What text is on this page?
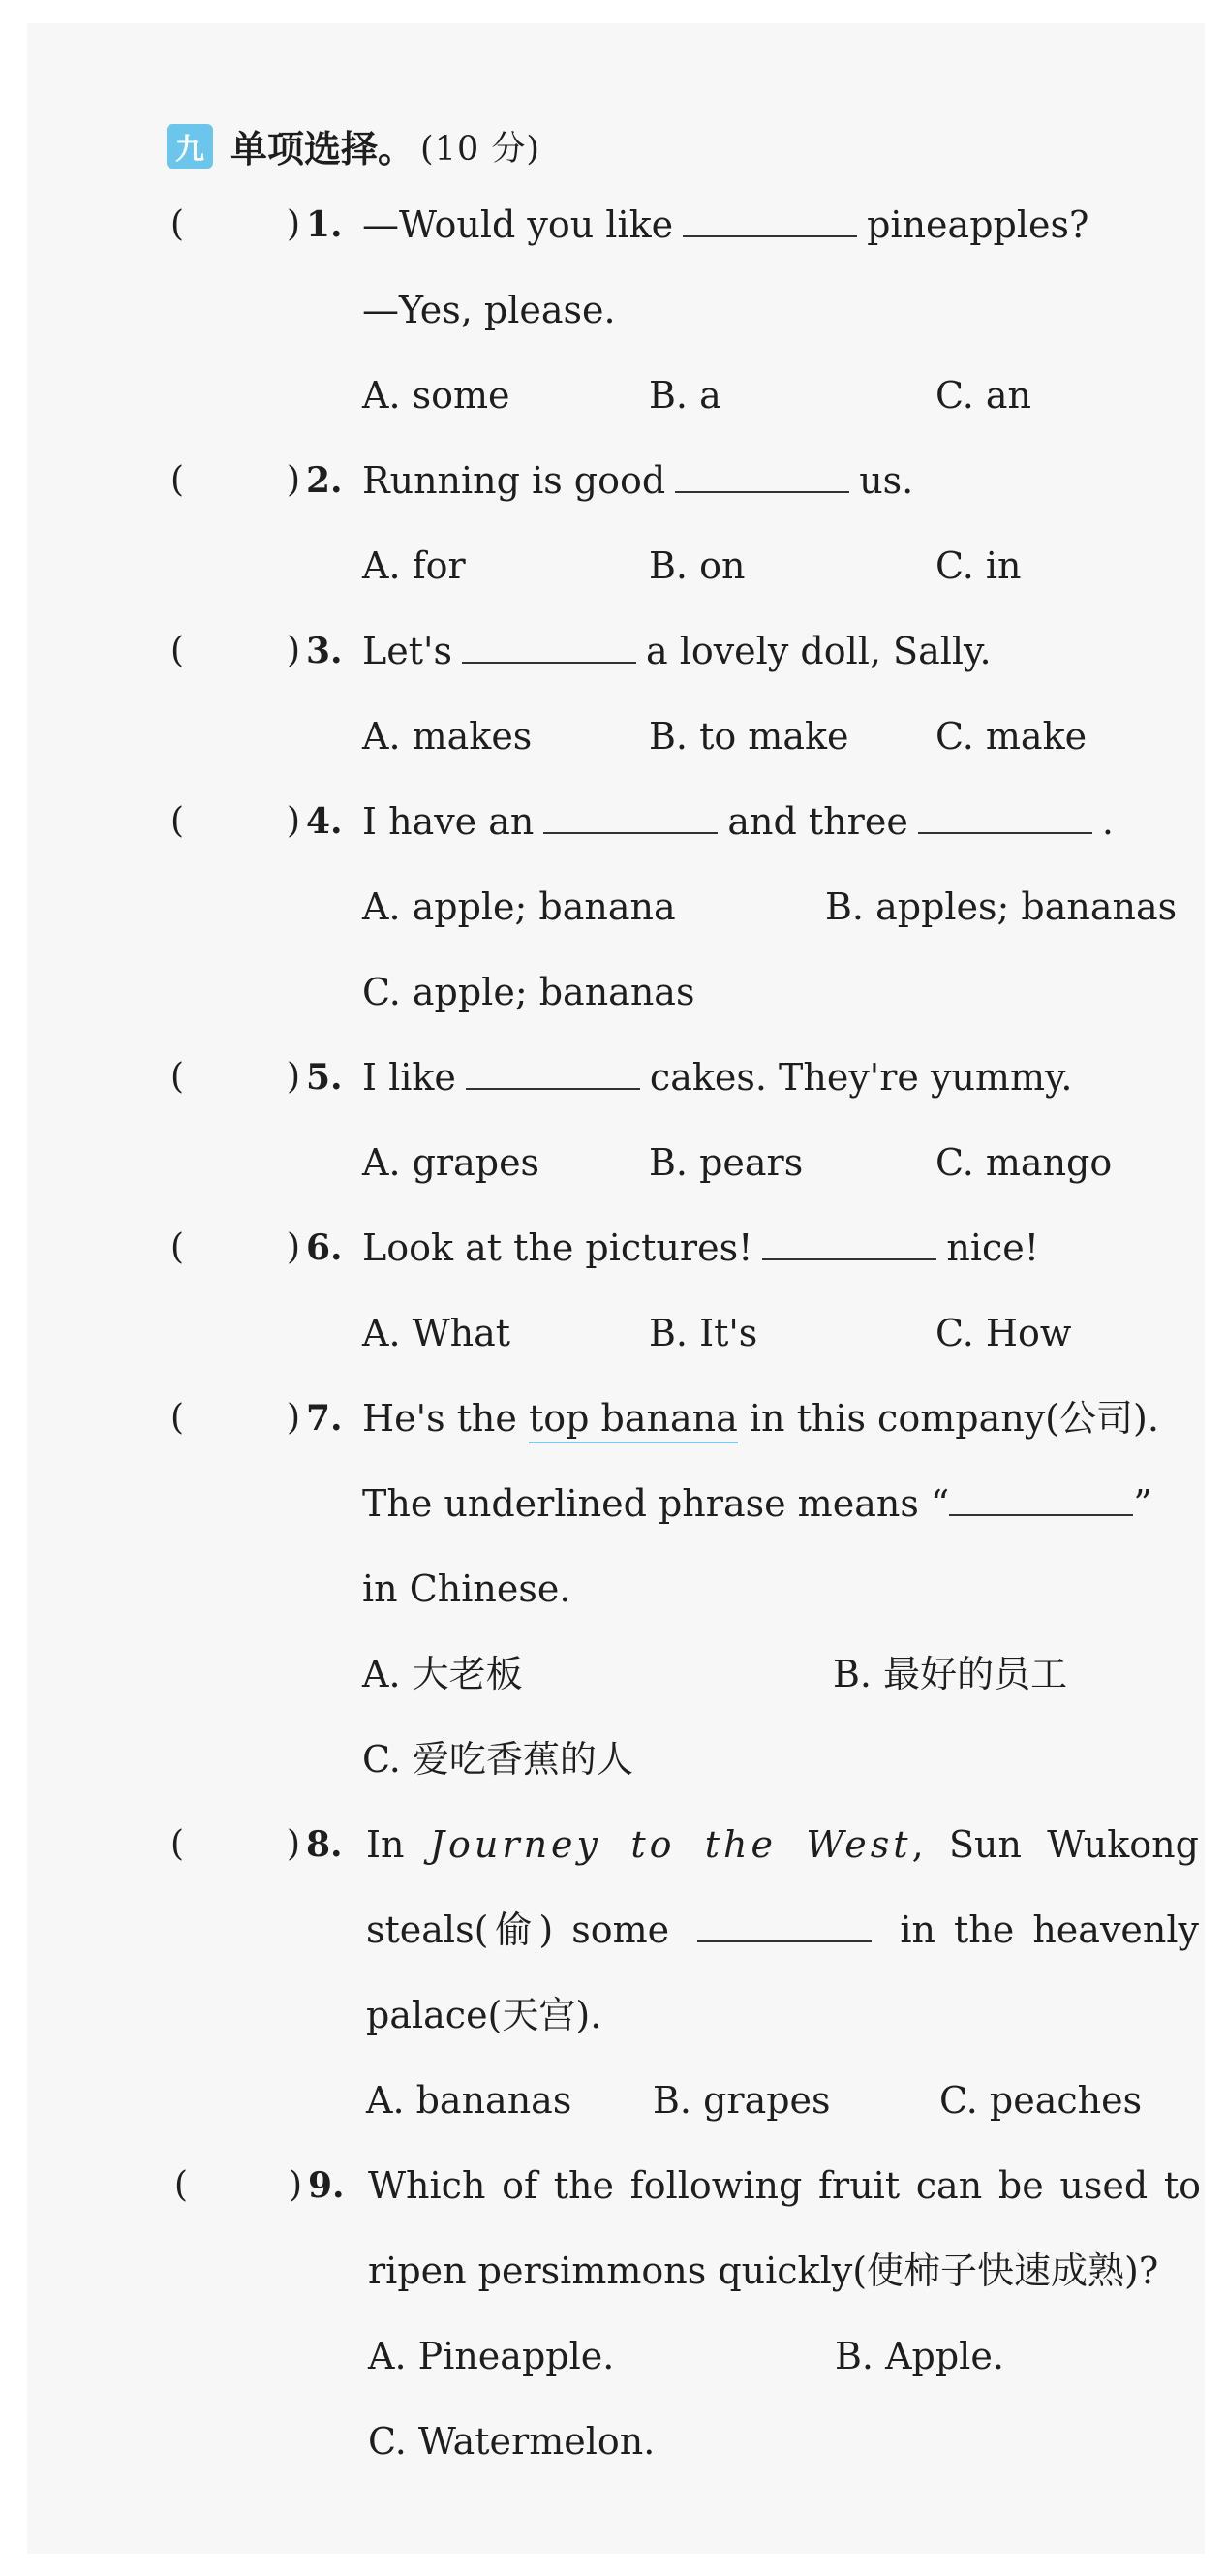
九 单项选择。 (10 分)
(	) 1. —Would you like	pineapples?
—Yes, please.
A. some	B. a	C. an
(	) 2. Running is good	us.
A. for	B. on	C. in
(	) 3. Let's	a lovely doll, Sally.
A. makes	B. to make C. make
(	) 4. I have an	and three	.
A. apple; banana	B. apples; bananas
C. apple; bananas
(	) 5. I like	cakes. They're yummy.
A. grapes	B. pears	C. mango
(	) 6. Look at the pictures!	nice!
A. What	B. It's	C. How
(	) 7. He's the top banana in this company(公司).
The underlined phrase means “	”
in Chinese.
A. 大老板	B. 最好的员工
C. 爱吃香蕉的人
(	) 8. In Journey to the West, Sun Wukong
steals(偷) some	in the heavenly
palace(天宫).
A. bananas B. grapes	C. peaches
(	) 9. Which of the following fruit can be used to
ripen persimmons quickly(使柿子快速成熟)?
A. Pineapple.	B. Apple.
C. Watermelon.
